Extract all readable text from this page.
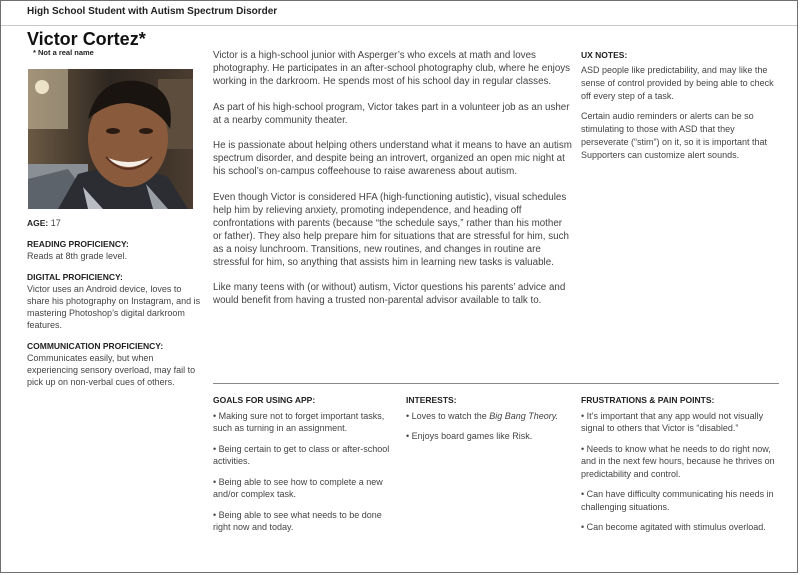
High School Student with Autism Spectrum Disorder
Victor Cortez*
* Not a real name
AGE: 17
READING PROFICIENCY:
Reads at 8th grade level.
DIGITAL PROFICIENCY:
Victor uses an Android device, loves to share his photography on Instagram, and is mastering Photoshop’s digital darkroom features.
COMMUNICATION PROFICIENCY:
Communicates easily, but when experiencing sensory overload, may fail to pick up on non-verbal cues of others.

Victor is a high-school junior with Asperger’s who excels at math and loves photography. He participates in an after-school photography club, where he enjoys working in the darkroom. He spends most of his school day in regular classes.

As part of his high-school program, Victor takes part in a volunteer job as an usher at a nearby community theater.

He is passionate about helping others understand what it means to have an autism spectrum disorder, and despite being an introvert, organized an open mic night at his school’s on-campus coffeehouse to raise awareness about autism.

Even though Victor is considered HFA (high-functioning autistic), visual schedules help him by relieving anxiety, promoting independence, and heading off confrontations with parents (because “the schedule says,” rather than his mother or father). They also help prepare him for situations that are stressful for him, such as a noisy lunchroom. Transitions, new routines, and changes in routine are stressful for him, so anything that assists him in learning new tasks is valuable.

Like many teens with (or without) autism, Victor questions his parents’ advice and would benefit from having a trusted non-parental advisor available to talk to.

UX NOTES:

ASD people like predictability, and may like the sense of control provided by being able to check off every step of a task.

Certain audio reminders or alerts can be so stimulating to those with ASD that they perseverate (“stim”) on it, so it is important that Supporters can customize alert sounds.

GOALS FOR USING APP:
• Making sure not to forget important tasks, such as turning in an assignment.
• Being certain to get to class or after-school activities.
• Being able to see how to complete a new and/or complex task.
• Being able to see what needs to be done right now and today.
INTERESTS:
• Loves to watch the Big Bang Theory.
• Enjoys board games like Risk.
FRUSTRATIONS & PAIN POINTS:
• It’s important that any app would not visually signal to others that Victor is “disabled.”
• Needs to know what he needs to do right now, and in the next few hours, because he thrives on predictability and control.
• Can have difficulty communicating his needs in challenging situations.
• Can become agitated with stimulus overload.
